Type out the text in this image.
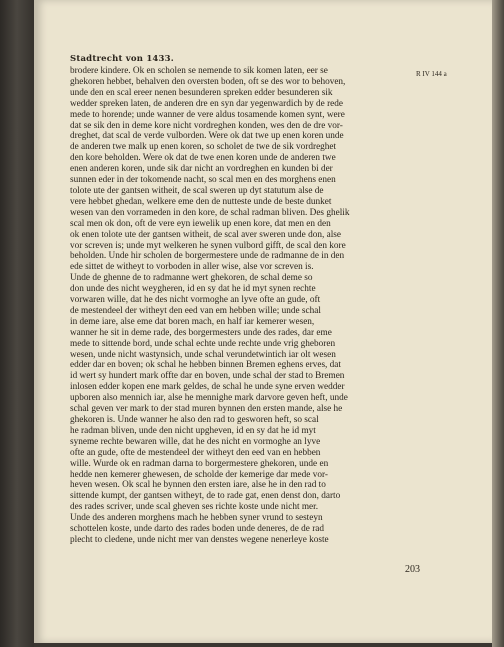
Stadtrecht von 1433.
R IV 144 a
brodere kindere. Ok en scholen se nemende to sik komen laten, eer se
ghekoren hebbet, behalven den oversten boden, oft se des wor to behoven,
unde den en scal ereer nenen besunderen spreken edder besunderen sik
wedder spreken laten, de anderen dre en syn dar yegenwardich by de rede
mede to horende; unde wanner de vere aldus tosamende komen synt, were
dat se sik den in deme kore nicht vordreghen konden, wes den de dre vor-
dreghet, dat scal de verde vulborden. Were ok dat twe up enen koren unde
de anderen twe malk up enen koren, so scholet de twe de sik vordreghet
den kore beholden. Were ok dat de twe enen koren unde de anderen twe
enen anderen koren, unde sik dar nicht an vordreghen en kunden bi der
sunnen eder in der tokomende nacht, so scal men en des morghens enen
tolote ute der gantsen witheit, de scal sweren up dyt statutum alse de
vere hebbet ghedan, welkere eme den de nutteste unde de beste dunket
wesen van den vorrameden in den kore, de schal radman bliven. Des ghelik
scal men ok don, oft de vere eyn iewelik up enen kore, dat men en den
ok enen tolote ute der gantsen witheit, de scal aver sweren unde don, alse
vor screven is; unde myt welkeren he synen vulbord gifft, de scal den kore
beholden. Unde hir scholen de borgermestere unde de radmanne de in den
ede sittet de witheyt to vorboden in aller wise, alse vor screven is.
Unde de ghenne de to radmanne wert ghekoren, de schal deme so
don unde des nicht weygheren, id en sy dat he id myt synen rechte
vorwaren wille, dat he des nicht vormoghe an lyve ofte an gude, oft
de mestendeel der witheyt den eed van em hebben wille; unde schal
in deme iare, alse eme dat boren mach, en half iar kemerer wesen,
wanner he sit in deme rade, des borgermesters unde des rades, dar eme
mede to sittende bord, unde schal echte unde rechte unde vrig gheboren
wesen, unde nicht wastynsich, unde schal verundetwintich iar olt wesen
edder dar en boven; ok schal he hebben binnen Bremen eghens erves, dat
id wert sy hundert mark offte dar en boven, unde schal der stad to Bremen
inlosen edder kopen ene mark geldes, de schal he unde syne erven wedder
upboren also mennich iar, alse he mennighe mark darvore geven heft, unde
schal geven ver mark to der stad muren bynnen den ersten mande, alse he
ghekoren is. Unde wanner he also den rad to gesworen heft, so scal
he radman bliven, unde den nicht upgheven, id en sy dat he id myt
syneme rechte bewaren wille, dat he des nicht en vormoghe an lyve
ofte an gude, ofte de mestendeel der witheyt den eed van en hebben
wille. Wurde ok en radman darna to borgermestere ghekoren, unde en
hedde nen kemerer ghewesen, de scholde der kemerige dar mede vor-
heven wesen. Ok scal he bynnen den ersten iare, alse he in den rad to
sittende kumpt, der gantsen witheyt, de to rade gat, enen denst don, darto
des rades scriver, unde scal gheven ses richte koste unde nicht mer.
Unde des anderen morghens mach he hebben syner vrund to sesteyn
schottelen koste, unde darto des rades boden unde deneres, de de rad
plecht to cledene, unde nicht mer van denstes wegene nenerleye koste
203
